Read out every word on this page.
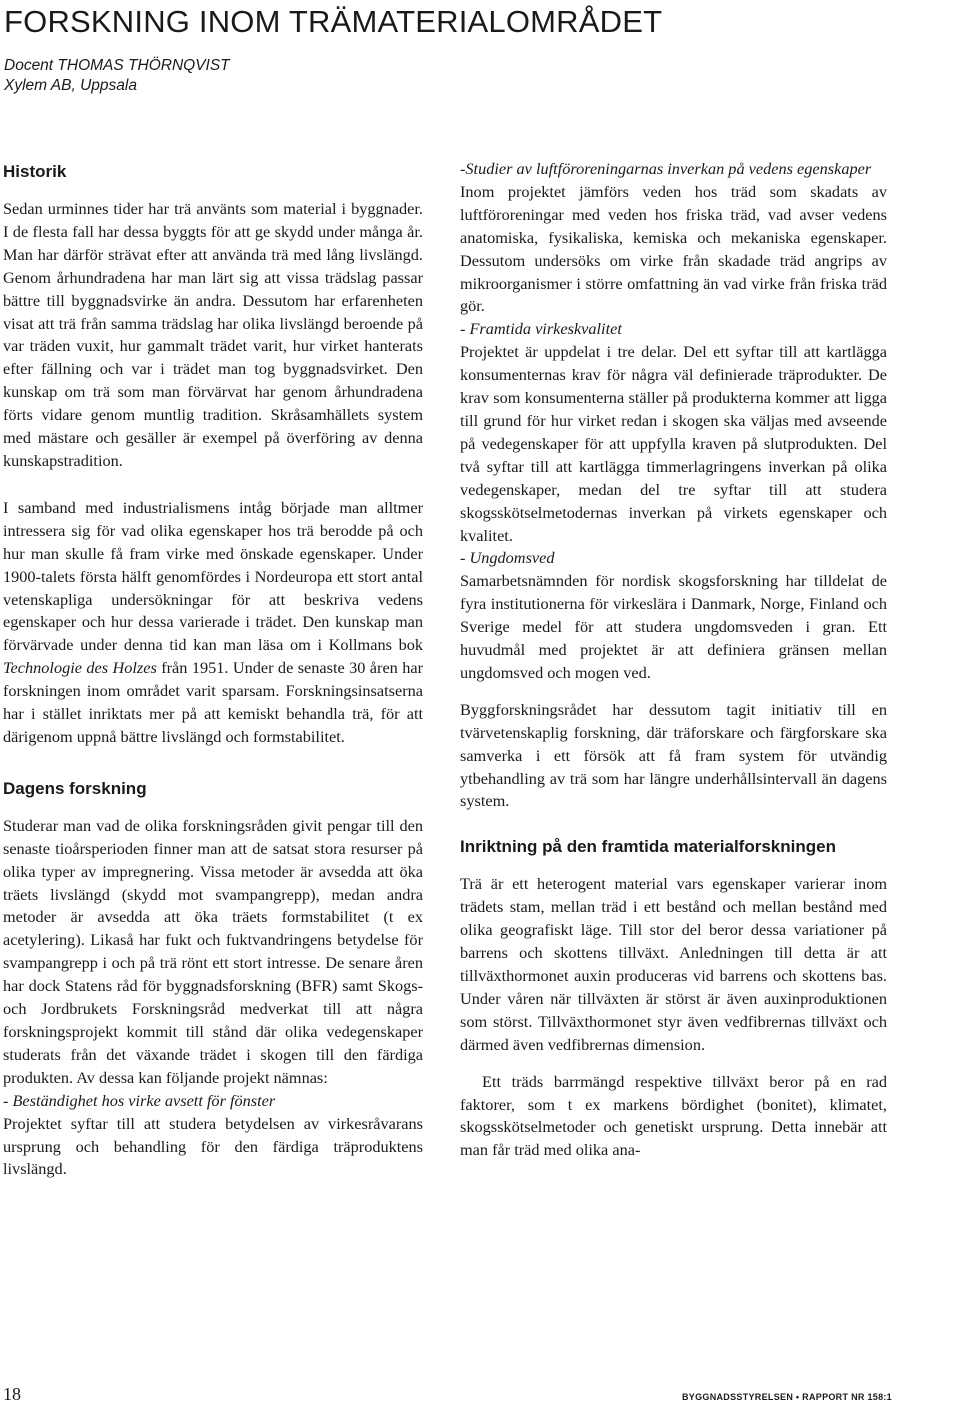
FORSKNING INOM TRÄMATERIALOMRÅDET
Docent THOMAS THÖRNQVIST
Xylem AB, Uppsala
Historik

Sedan urminnes tider har trä använts som material i byggnader. I de flesta fall har dessa byggts för att ge skydd under många år. Man har därför strävat efter att använda trä med lång livslängd. Genom århundradena har man lärt sig att vissa trädslag passar bättre till byggnadsvirke än andra. Dessutom har erfarenheten visat att trä från samma trädslag har olika livslängd beroende på var träden vuxit, hur gammalt trädet varit, hur virket hanterats efter fällning och var i trädet man tog byggnadsvirket. Den kunskap om trä som man förvärvat har genom århundradena förts vidare genom muntlig tradition. Skråsamhällets system med mästare och gesäller är exempel på överföring av denna kunskapstradition.

I samband med industrialismens intåg började man alltmer intressera sig för vad olika egenskaper hos trä berodde på och hur man skulle få fram virke med önskade egenskaper. Under 1900-talets första hälft genomfördes i Nordeuropa ett stort antal vetenskapliga undersökningar för att beskriva vedens egenskaper och hur dessa varierade i trädet. Den kunskap man förvärvade under denna tid kan man läsa om i Kollmans bok Technologie des Holzes från 1951. Under de senaste 30 åren har forskningen inom området varit sparsam. Forskningsinsatserna har i stället inriktats mer på att kemiskt behandla trä, för att därigenom uppnå bättre livslängd och formstabilitet.

Dagens forskning

Studerar man vad de olika forskningsråden givit pengar till den senaste tioårsperioden finner man att de satsat stora resurser på olika typer av impregnering. Vissa metoder är avsedda att öka träets livslängd (skydd mot svampangrepp), medan andra metoder är avsedda att öka träets formstabilitet (t ex acetylering). Likaså har fukt och fuktvandringens betydelse för svampangrepp i och på trä rönt ett stort intresse. De senare åren har dock Statens råd för byggnadsforskning (BFR) samt Skogs- och Jordbrukets Forskningsråd medverkat till att några forskningsprojekt kommit till stånd där olika vedegenskaper studerats från det växande trädet i skogen till den färdiga produkten. Av dessa kan följande projekt nämnas:

- Beständighet hos virke avsett för fönster

Projektet syftar till att studera betydelsen av virkesråvarans ursprung och behandling för den färdiga träproduktens livslängd.

-Studier av luftföroreningarnas inverkan på vedens egenskaper

Inom projektet jämförs veden hos träd som skadats av luftföroreningar med veden hos friska träd, vad avser vedens anatomiska, fysikaliska, kemiska och mekaniska egenskaper. Dessutom undersöks om virke från skadade träd angrips av mikroorganismer i större omfattning än vad virke från friska träd gör.

- Framtida virkeskvalitet

Projektet är uppdelat i tre delar. Del ett syftar till att kartlägga konsumenternas krav för några väl definierade träprodukter. De krav som konsumenterna ställer på produkterna kommer att ligga till grund för hur virket redan i skogen ska väljas med avseende på vedegenskaper för att uppfylla kraven på slutprodukten. Del två syftar till att kartlägga timmerlagringens inverkan på olika vedegenskaper, medan del tre syftar till att studera skogsskötselmetodernas inverkan på virkets egenskaper och kvalitet.

- Ungdomsved

Samarbetsnämnden för nordisk skogsforskning har tilldelat de fyra institutionerna för virkeslära i Danmark, Norge, Finland och Sverige medel för att studera ungdomsveden i gran. Ett huvudmål med projektet är att definiera gränsen mellan ungdomsved och mogen ved.

Byggforskningsrådet har dessutom tagit initiativ till en tvärvetenskaplig forskning, där träforskare och färgforskare ska samverka i ett försök att få fram system för utvändig ytbehandling av trä som har längre underhållsintervall än dagens system.

Inriktning på den framtida materialforskningen

Trä är ett heterogent material vars egenskaper varierar inom trädets stam, mellan träd i ett bestånd och mellan bestånd med olika geografiskt läge. Till stor del beror dessa variationer på barrens och skottens tillväxt. Anledningen till detta är att tillväxthormonet auxin produceras vid barrens och skottens bas. Under våren när tillväxten är störst är även auxinproduktionen som störst. Tillväxthormonet styr även vedfibrernas tillväxt och därmed även vedfibrernas dimension.

Ett träds barrmängd respektive tillväxt beror på en rad faktorer, som t ex markens bördighet (bonitet), klimatet, skogsskötselmetoder och genetiskt ursprung. Detta innebär att man får träd med olika ana-

18	BYGGNADSSTYRELSEN • RAPPORT NR 158:1
